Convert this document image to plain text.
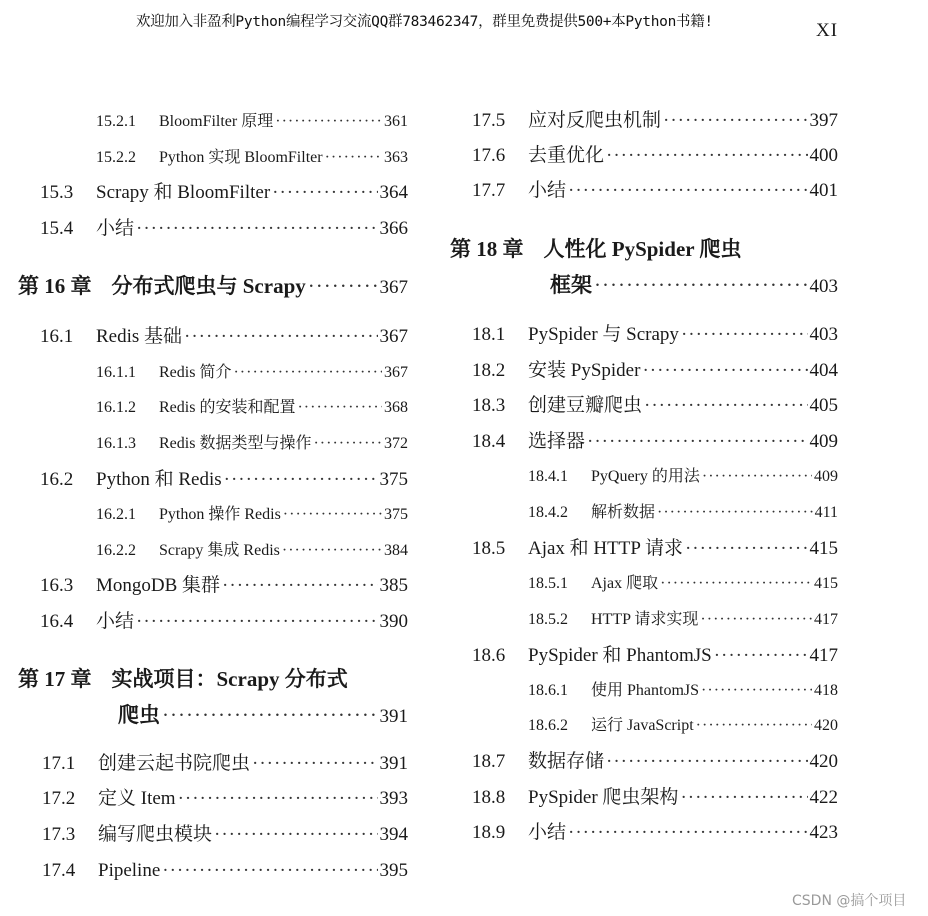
欢迎加入非盈利Python编程学习交流QQ群783462347，群里免费提供500+本Python书籍!	XI
15.2.1	BloomFilter 原理 ·····	361
15.2.2	Python 实现 BloomFilter ·····	363
15.3	Scrapy 和 BloomFilter ·····	364
15.4	小结 ·····	366
第 16 章 分布式爬虫与 Scrapy ·····	367
16.1	Redis 基础 ·····	367
16.1.1	Redis 简介 ·····	367
16.1.2	Redis 的安装和配置 ·····	368
16.1.3	Redis 数据类型与操作 ·····	372
16.2	Python 和 Redis ·····	375
16.2.1	Python 操作 Redis ·····	375
16.2.2	Scrapy 集成 Redis ·····	384
16.3	MongoDB 集群 ·····	385
16.4	小结 ·····	390
第 17 章 实战项目：Scrapy 分布式
爬虫 ·····	391
17.1	创建云起书院爬虫 ·····	391
17.2	定义 Item ·····	393
17.3	编写爬虫模块 ·····	394
17.4	Pipeline ·····	395
17.5	应对反爬虫机制 ·····	397
17.6	去重优化 ·····	400
17.7	小结 ·····	401
第 18 章 人性化 PySpider 爬虫
框架 ·····	403
18.1	PySpider 与 Scrapy ·····	403
18.2	安装 PySpider ·····	404
18.3	创建豆瓣爬虫 ·····	405
18.4	选择器 ·····	409
18.4.1	PyQuery 的用法 ·····	409
18.4.2	解析数据 ·····	411
18.5	Ajax 和 HTTP 请求 ·····	415
18.5.1	Ajax 爬取 ·····	415
18.5.2	HTTP 请求实现 ·····	417
18.6	PySpider 和 PhantomJS ·····	417
18.6.1	使用 PhantomJS ·····	418
18.6.2	运行 JavaScript ·····	420
18.7	数据存储 ·····	420
18.8	PySpider 爬虫架构 ·····	422
18.9	小结 ·····	423
CSDN @搞个项目
